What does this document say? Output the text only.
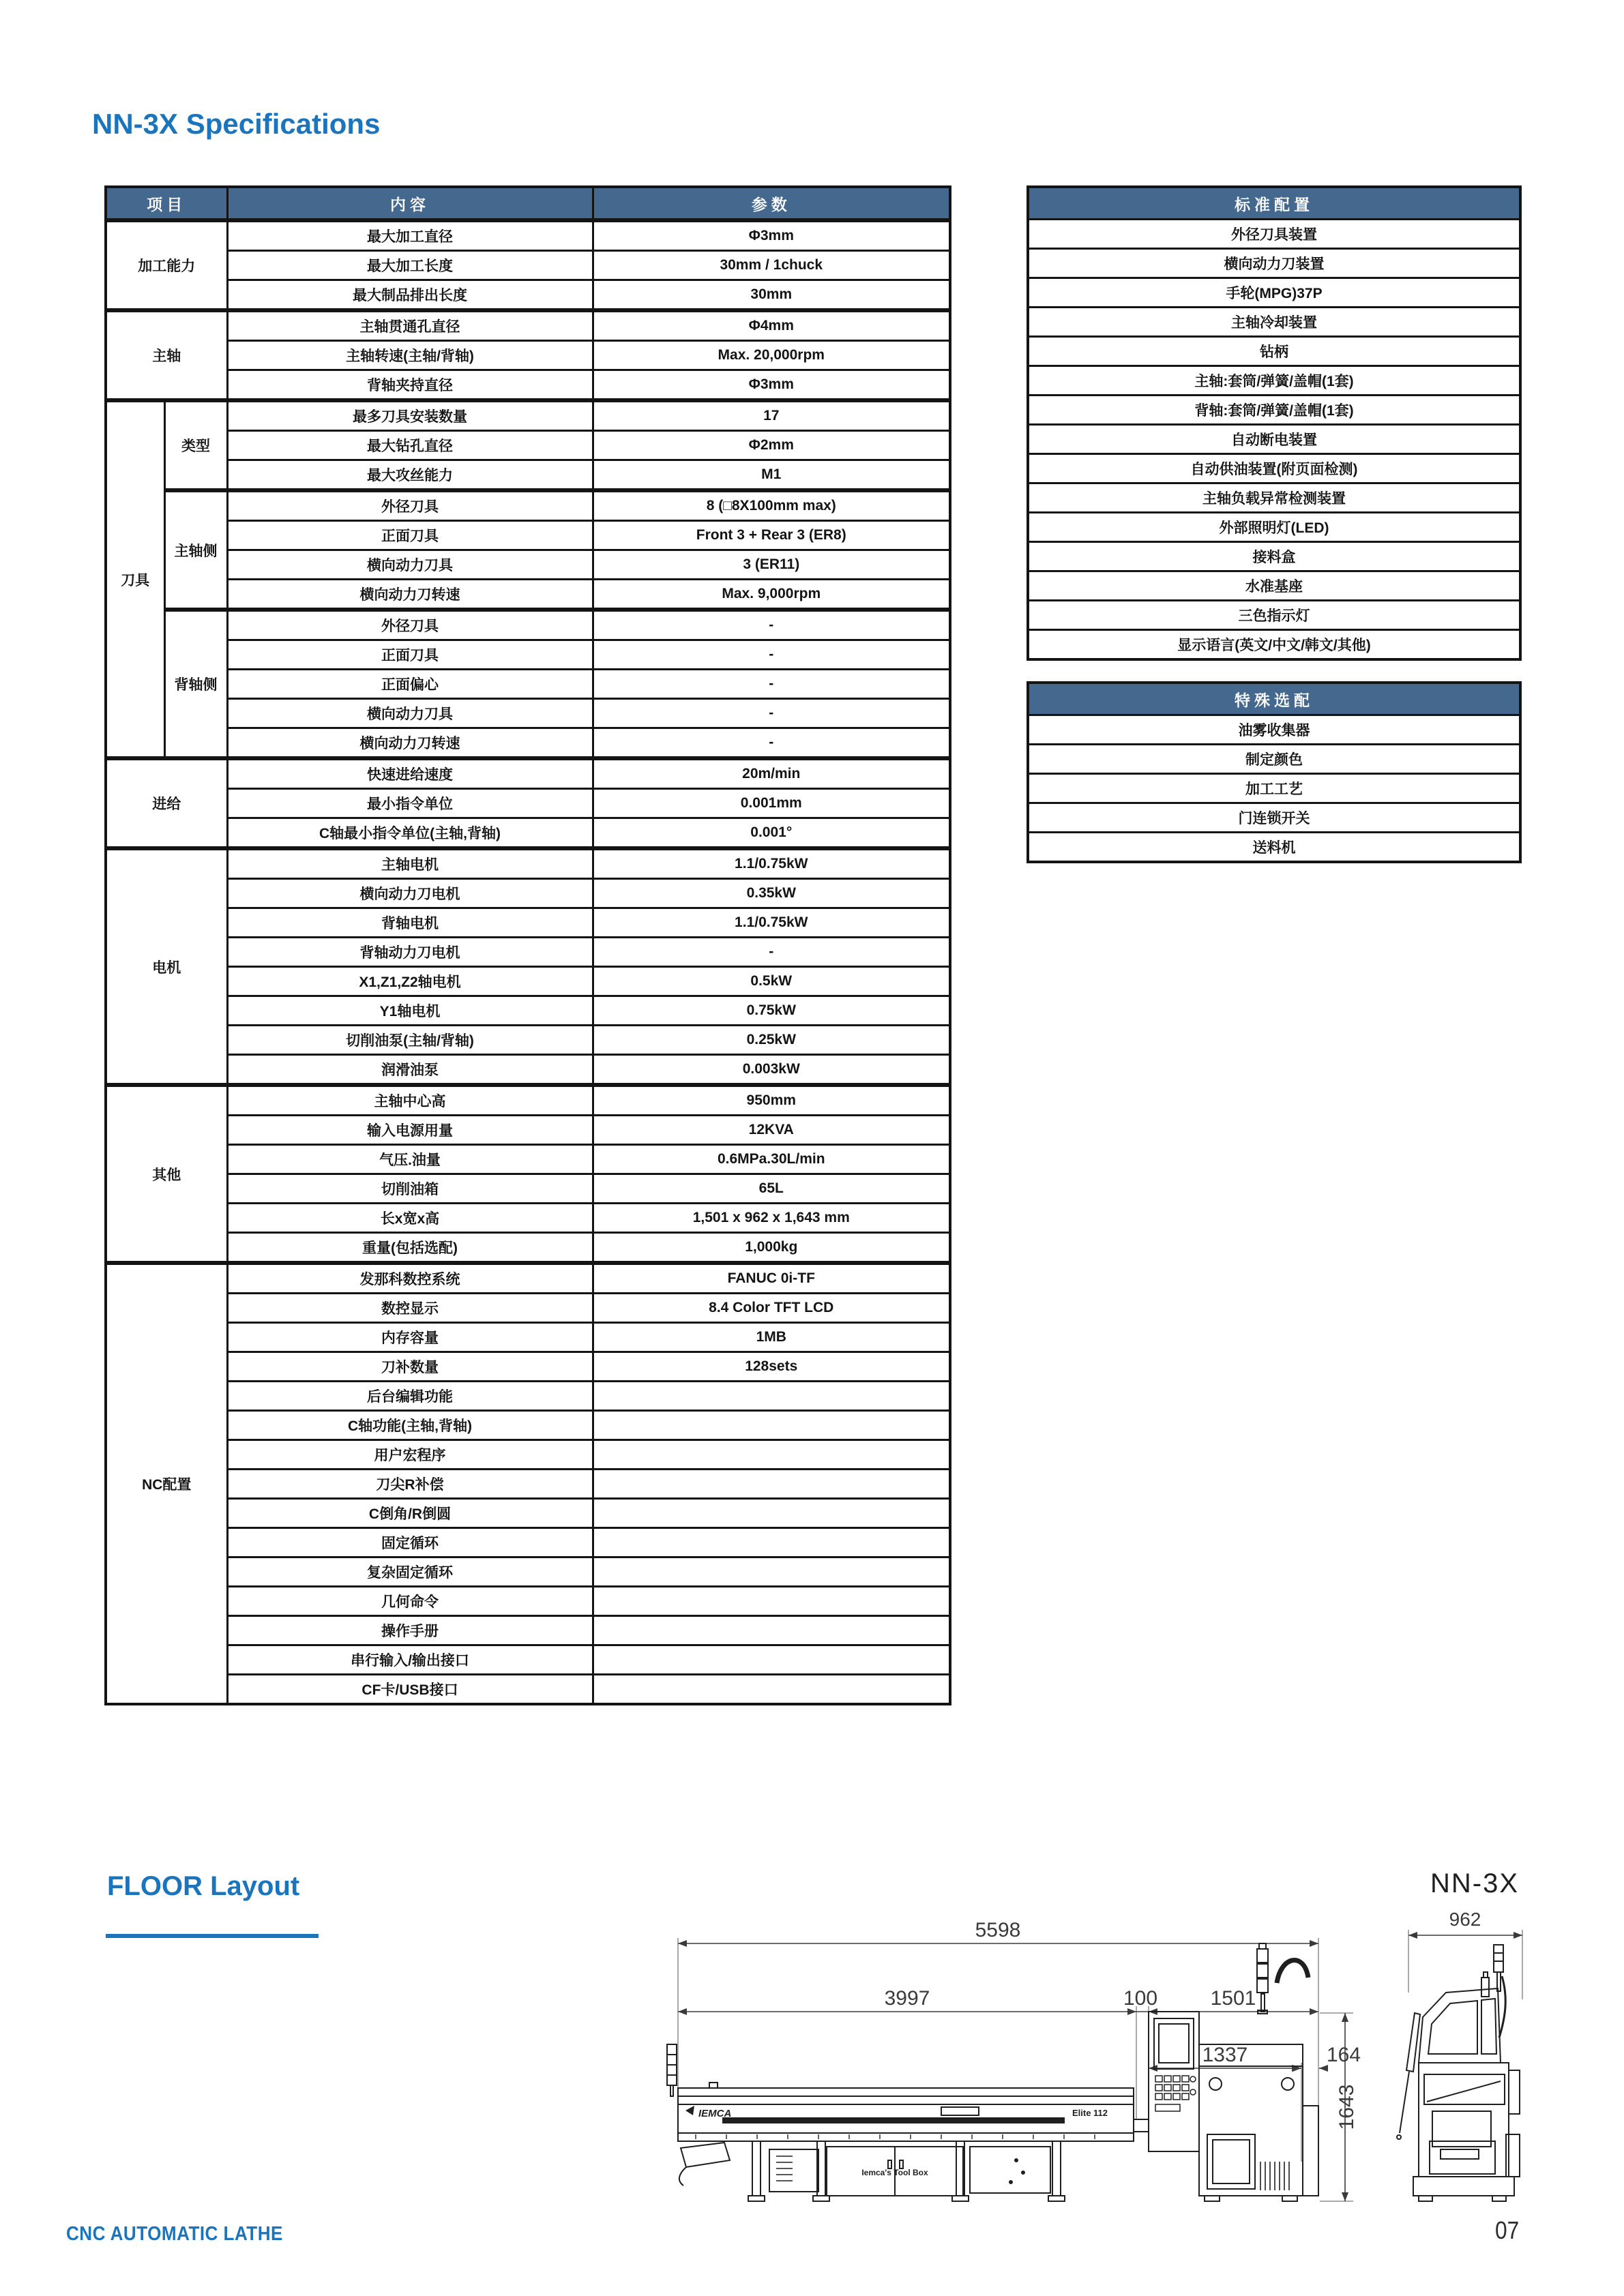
NN-3X Specifications
项目		内容	参数
加工能力		最大加工直径	Φ3mm
		最大加工长度	30mm / 1chuck
		最大制品排出长度	30mm
主轴		主轴贯通孔直径	Φ4mm
		主轴转速(主轴/背轴)	Max. 20,000rpm
		背轴夹持直径	Φ3mm
刀具	类型	最多刀具安装数量	17
		最大钻孔直径	Φ2mm
		最大攻丝能力	M1
	主轴侧	外径刀具	8 (□8X100mm max)
		正面刀具	Front 3 + Rear 3 (ER8)
		横向动力刀具	3 (ER11)
		横向动力刀转速	Max. 9,000rpm
	背轴侧	外径刀具	-
		正面刀具	-
		正面偏心	-
		横向动力刀具	-
		横向动力刀转速	-
进给		快速进给速度	20m/min
		最小指令单位	0.001mm
		C轴最小指令单位(主轴,背轴)	0.001°
电机		主轴电机	1.1/0.75kW
		横向动力刀电机	0.35kW
		背轴电机	1.1/0.75kW
		背轴动力刀电机	-
		X1,Z1,Z2轴电机	0.5kW
		Y1轴电机	0.75kW
		切削油泵(主轴/背轴)	0.25kW
		润滑油泵	0.003kW
其他		主轴中心高	950mm
		输入电源用量	12KVA
		气压.油量	0.6MPa.30L/min
		切削油箱	65L
		长x宽x高	1,501 x 962 x 1,643 mm
		重量(包括选配)	1,000kg
NC配置		发那科数控系统	FANUC 0i-TF
		数控显示	8.4 Color TFT LCD
		内存容量	1MB
		刀补数量	128sets
		后台编辑功能	
		C轴功能(主轴,背轴)	
		用户宏程序	
		刀尖R补偿	
		C倒角/R倒圆	
		固定循环	
		复杂固定循环	
		几何命令	
		操作手册	
		串行输入/输出接口	
		CF卡/USB接口	
标准配置
外径刀具装置
横向动力刀装置
手轮(MPG)37P
主轴冷却装置
钻柄
主轴:套筒/弹簧/盖帽(1套)
背轴:套筒/弹簧/盖帽(1套)
自动断电装置
自动供油装置(附页面检测)
主轴负载异常检测装置
外部照明灯(LED)
接料盒
水准基座
三色指示灯
显示语言(英文/中文/韩文/其他)
特殊选配
油雾收集器
制定颜色
加工工艺
门连锁开关
送料机
FLOOR Layout
5598
3997	100	1501
1337	164
1643
NN-3X
962
IEMCA	Elite 112
Iemca's Tool Box
CNC AUTOMATIC LATHE	07
